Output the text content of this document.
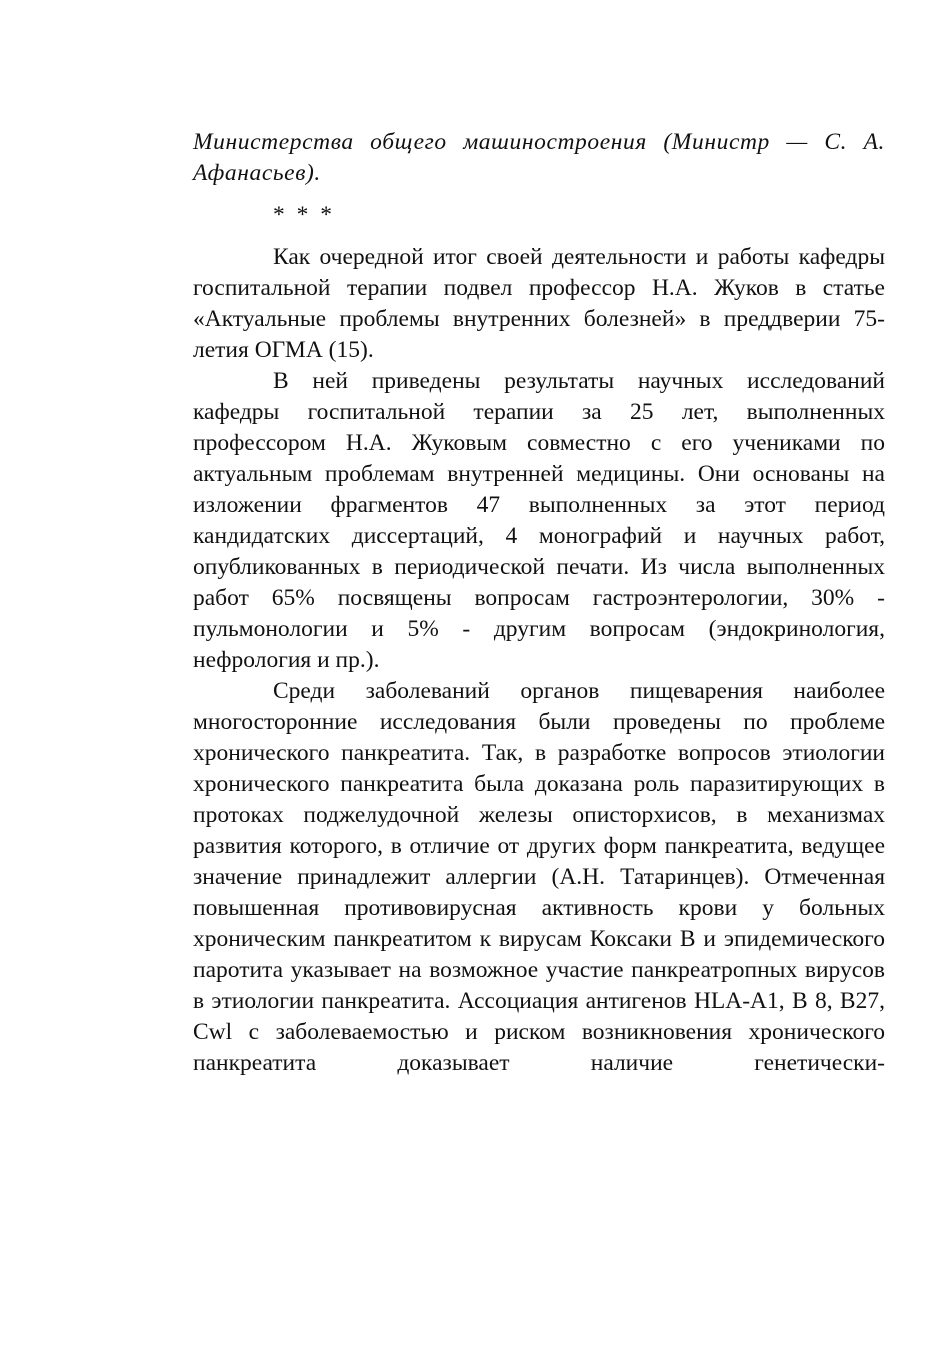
Министерства общего машиностроения (Министр — С. А. Афанасьев).

* * *

Как очередной итог своей деятельности и работы кафедры госпитальной терапии подвел профессор Н.А. Жуков в статье «Актуальные проблемы внутренних болезней» в преддверии 75-летия ОГМА (15).

В ней приведены результаты научных исследований кафедры госпитальной терапии за 25 лет, выполненных профессором Н.А. Жуковым совместно с его учениками по актуальным проблемам внутренней медицины. Они основаны на изложении фрагментов 47 выполненных за этот период кандидатских диссертаций, 4 монографий и научных работ, опубликованных в периодической печати. Из числа выполненных работ 65% посвящены вопросам гастроэнтерологии, 30% - пульмонологии и 5% - другим вопросам (эндокринология, нефрология и пр.).

Среди заболеваний органов пищеварения наиболее многосторонние исследования были проведены по проблеме хронического панкреатита. Так, в разработке вопросов этиологии хронического панкреатита была доказана роль паразитирующих в протоках поджелудочной железы описторхисов, в механизмах развития которого, в отличие от других форм панкреатита, ведущее значение принадлежит аллергии (А.Н. Татаринцев). Отмеченная повышенная противовирусная активность крови у больных хроническим панкреатитом к вирусам Коксаки В и эпидемического паротита указывает на возможное участие панкреатропных вирусов в этиологии панкреатита. Ассоциация антигенов HLA-A1, В 8, B27, Cwl с заболеваемостью и риском возникновения хронического панкреатита доказывает наличие генетически-
